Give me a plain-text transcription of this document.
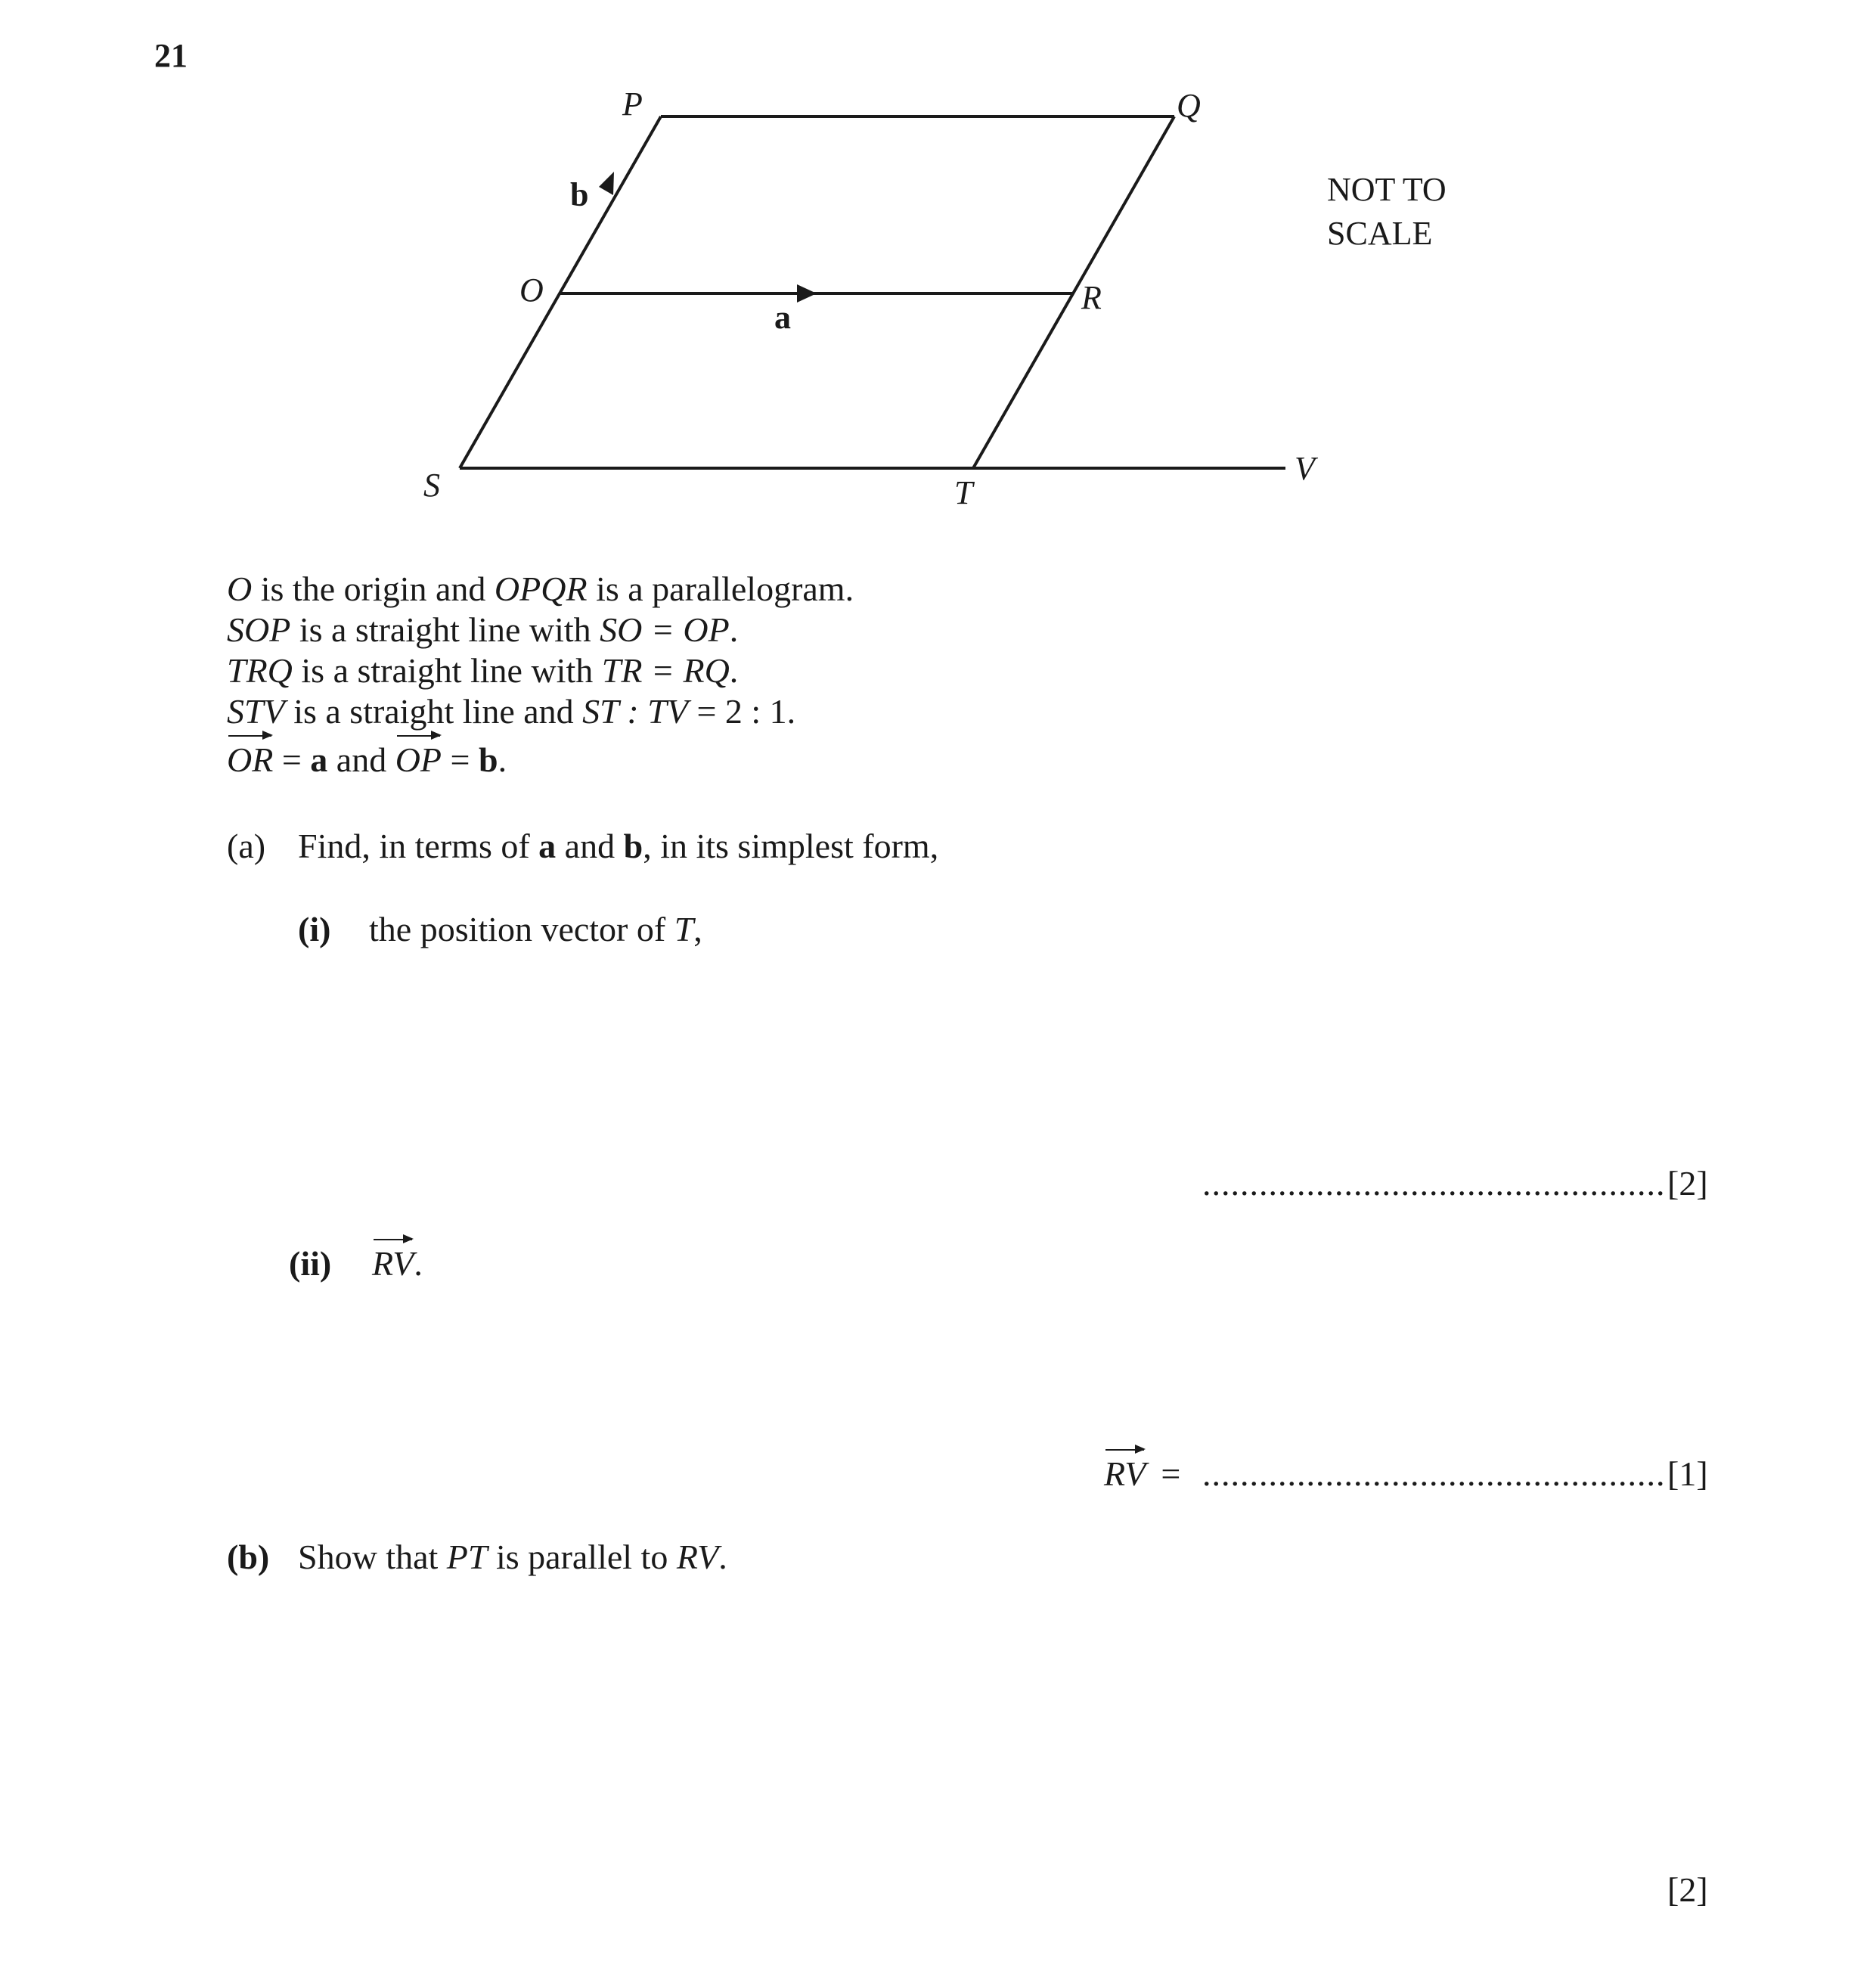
21
P	Q
O	R
S	T
V
b
a
NOT TO
SCALE
O is the origin and OPQR is a parallelogram.
SOP is a straight line with SO = OP.
TRQ is a straight line with TR = RQ.
STV is a straight line and ST : TV = 2 : 1.
OR = a and OP = b.
(a) Find, in terms of a and b, in its simplest form,
(i) the position vector of T,
................................................. [2]
(ii) RV.
RV = ................................................. [1]
(b) Show that PT is parallel to RV.
[2]
